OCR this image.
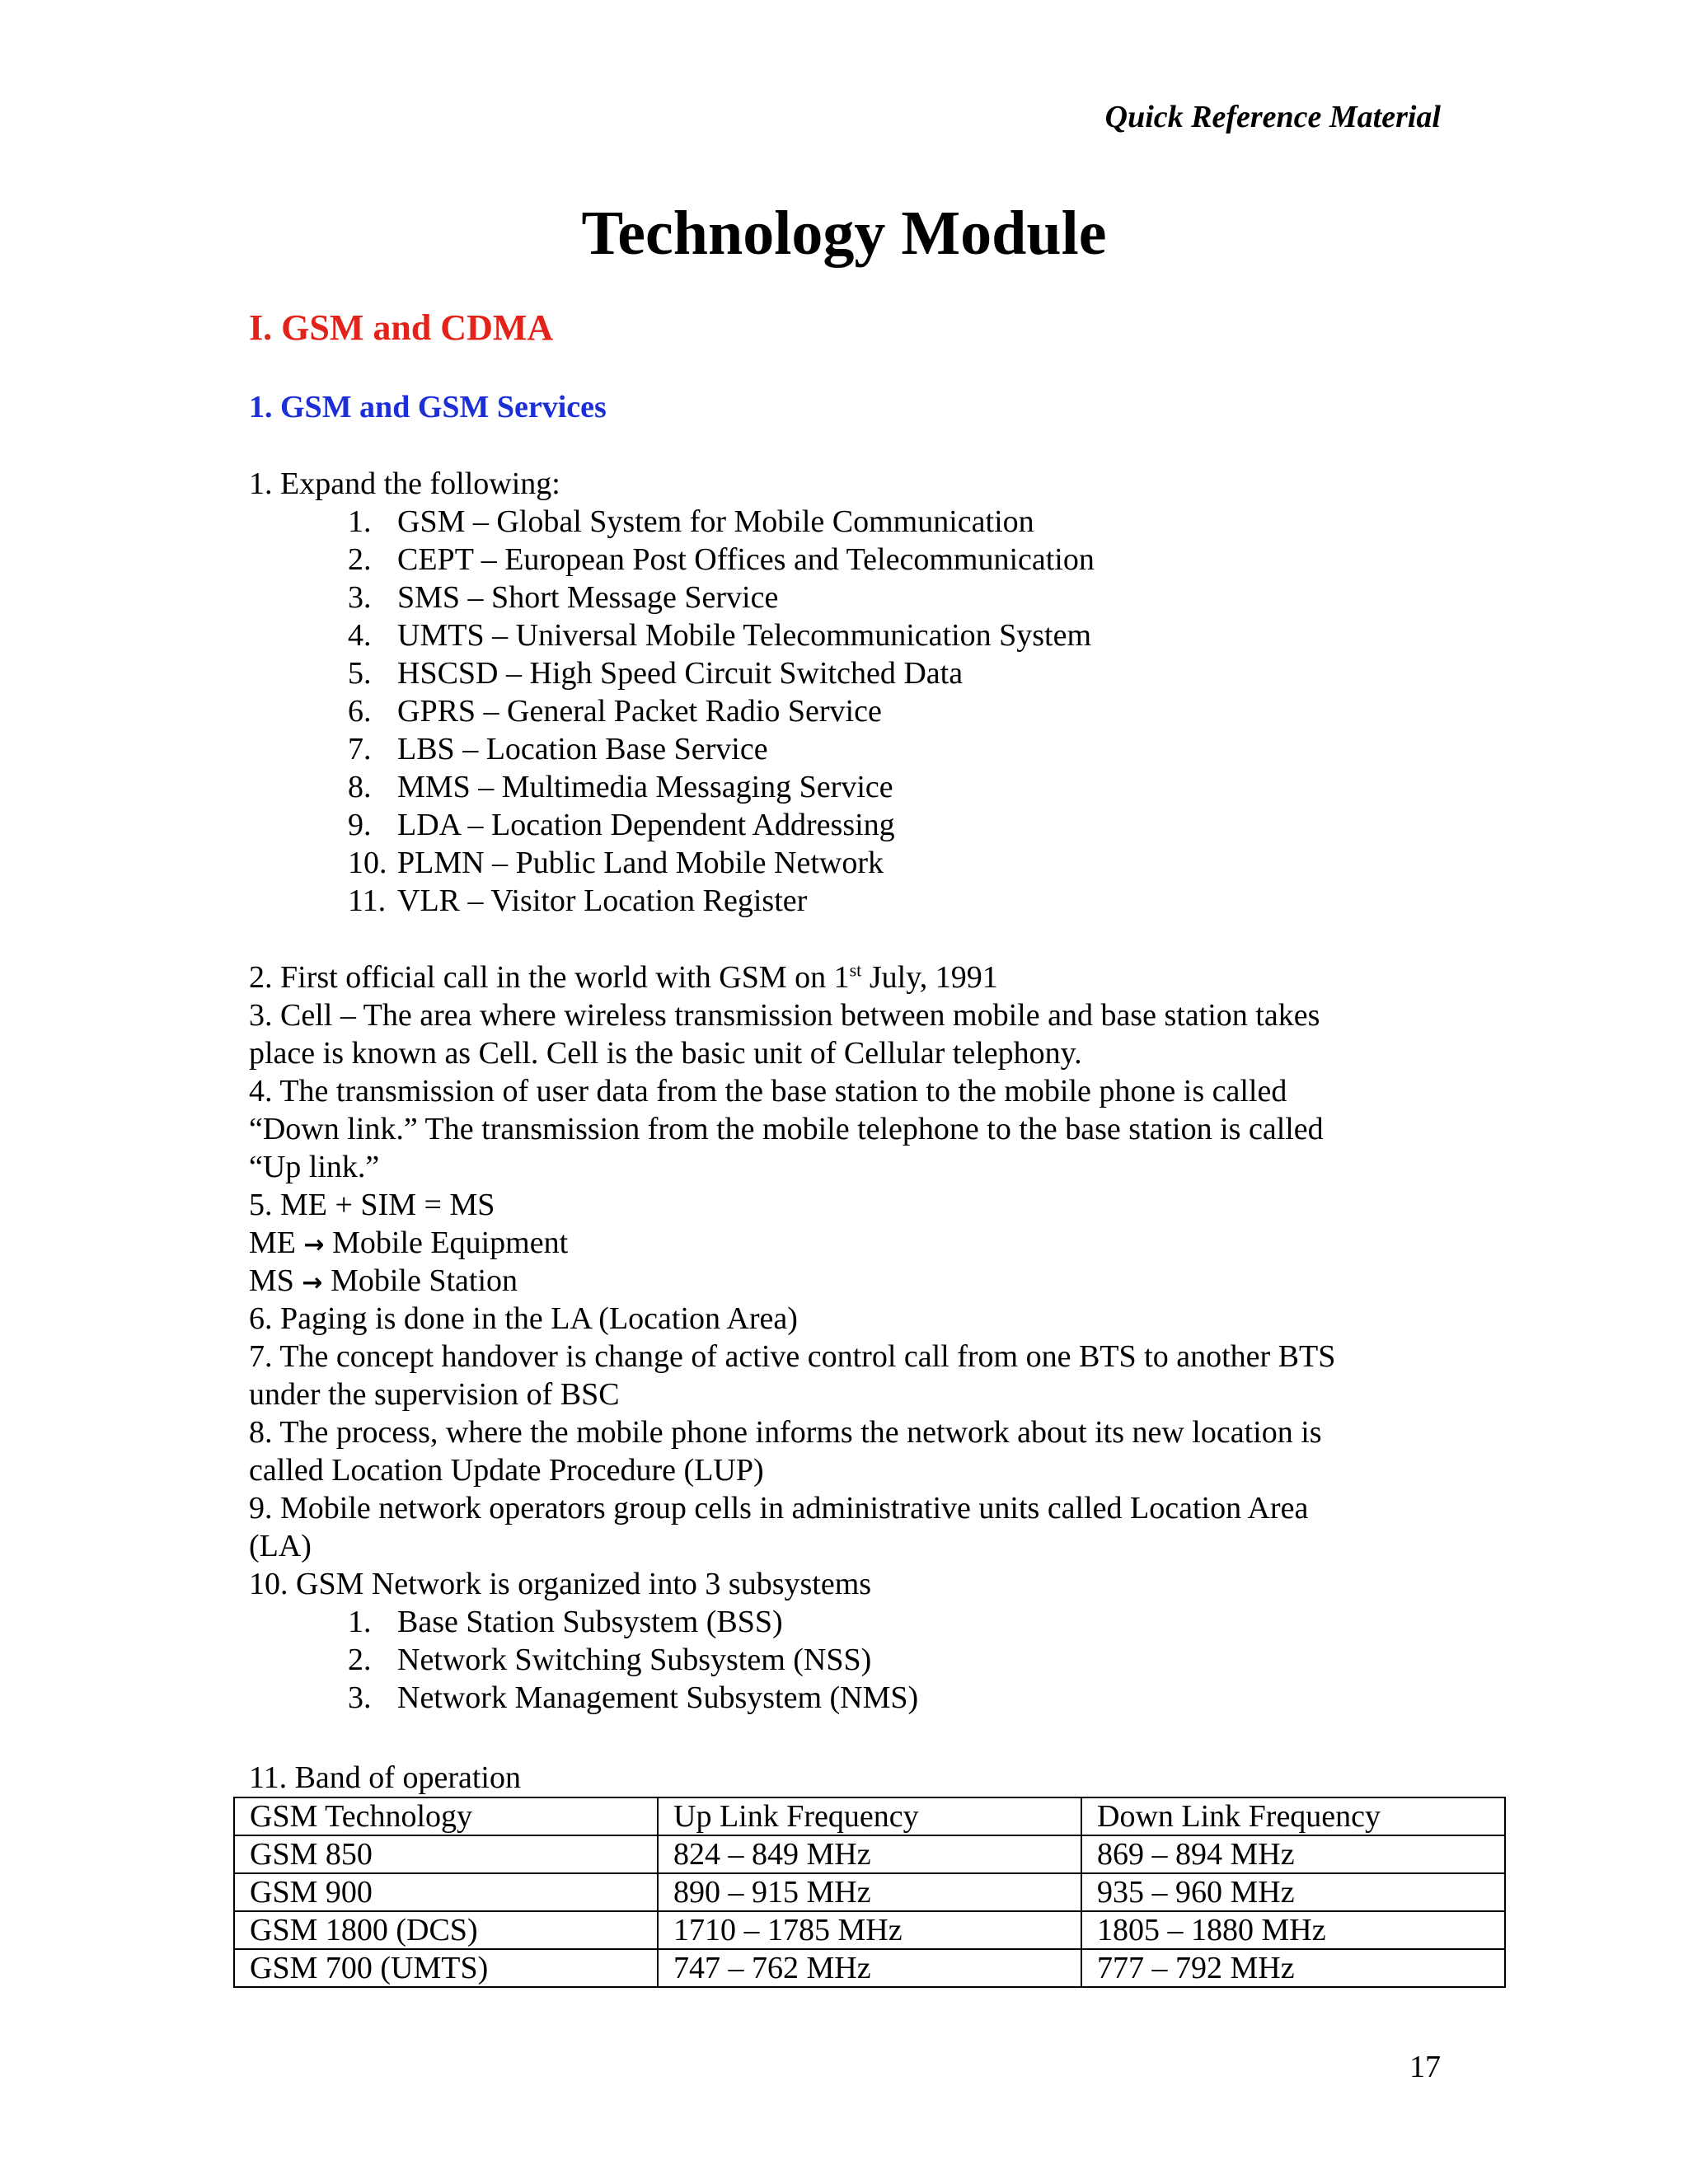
Quick Reference Material
Technology Module
I. GSM and CDMA
1. GSM and GSM Services
1. Expand the following:
1. GSM – Global System for Mobile Communication
2. CEPT – European Post Offices and Telecommunication
3. SMS – Short Message Service
4. UMTS – Universal Mobile Telecommunication System
5. HSCSD – High Speed Circuit Switched Data
6. GPRS – General Packet Radio Service
7. LBS – Location Base Service
8. MMS – Multimedia Messaging Service
9. LDA – Location Dependent Addressing
10. PLMN – Public Land Mobile Network
11. VLR – Visitor Location Register
2. First official call in the world with GSM on 1st July, 1991
3. Cell – The area where wireless transmission between mobile and base station takes
place is known as Cell. Cell is the basic unit of Cellular telephony.
4. The transmission of user data from the base station to the mobile phone is called
“Down link.” The transmission from the mobile telephone to the base station is called
“Up link.”
5. ME + SIM = MS
ME → Mobile Equipment
MS → Mobile Station
6. Paging is done in the LA (Location Area)
7. The concept handover is change of active control call from one BTS to another BTS
under the supervision of BSC
8. The process, where the mobile phone informs the network about its new location is
called Location Update Procedure (LUP)
9. Mobile network operators group cells in administrative units called Location Area
(LA)
10. GSM Network is organized into 3 subsystems
1. Base Station Subsystem (BSS)
2. Network Switching Subsystem (NSS)
3. Network Management Subsystem (NMS)
11. Band of operation
GSM Technology	Up Link Frequency	Down Link Frequency
GSM 850	824 – 849 MHz	869 – 894 MHz
GSM 900	890 – 915 MHz	935 – 960 MHz
GSM 1800 (DCS)	1710 – 1785 MHz	1805 – 1880 MHz
GSM 700 (UMTS)	747 – 762 MHz	777 – 792 MHz
17
